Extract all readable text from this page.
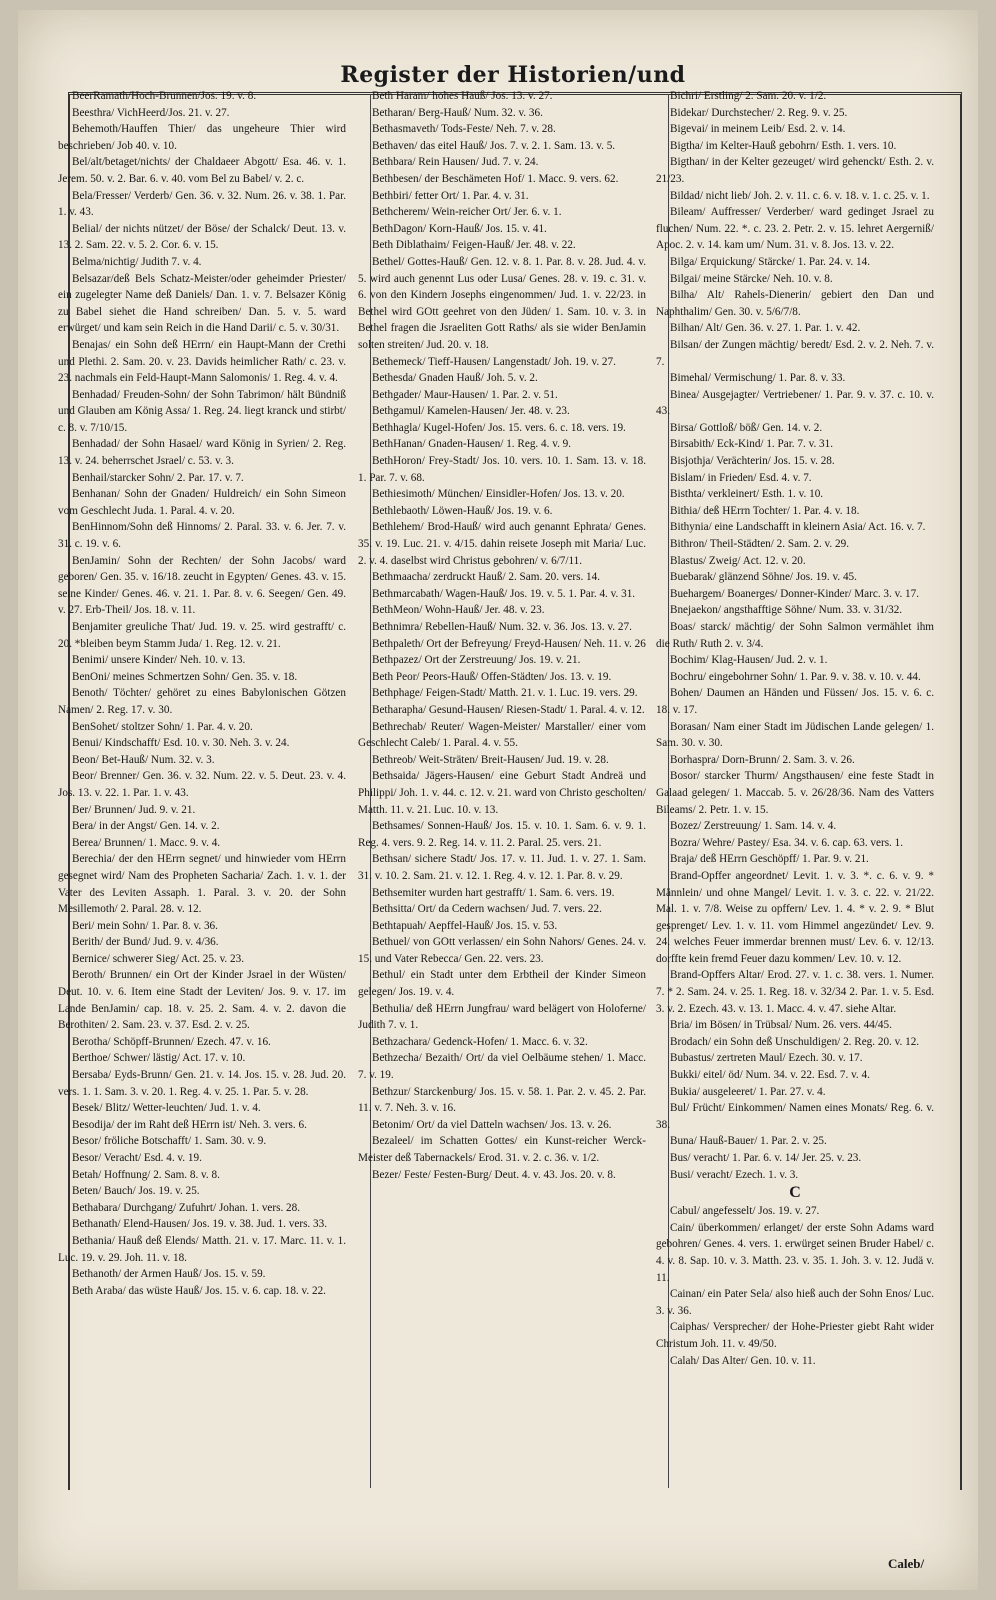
Register der Historien/und
Caleb/

BeerRamath/Hoch-Brunnen/Jos. 19. v. 8.

Beesthra/ VichHeerd/Jos. 21. v. 27.

Behemoth/Hauffen Thier/ das ungeheure Thier wird beschrieben/ Job 40. v. 10.

Bel/alt/betaget/nichts/ der Chaldaeer Abgott/ Esa. 46. v. 1. Jerem. 50. v. 2. Bar. 6. v. 40. vom Bel zu Babel/ v. 2. c.

Bela/Fresser/ Verderb/ Gen. 36. v. 32. Num. 26. v. 38. 1. Par. 1. v. 43.

Belial/ der nichts nützet/ der Böse/ der Schalck/ Deut. 13. v. 13. 2. Sam. 22. v. 5. 2. Cor. 6. v. 15.

Belma/nichtig/ Judith 7. v. 4.

Belsazar/deß Bels Schatz-Meister/oder geheimder Priester/ ein zugelegter Name deß Daniels/ Dan. 1. v. 7. Belsazer König zu Babel siehet die Hand schreiben/ Dan. 5. v. 5. ward erwürget/ und kam sein Reich in die Hand Darii/ c. 5. v. 30/31.

Benajas/ ein Sohn deß HErrn/ ein Haupt-Mann der Crethi und Plethi. 2. Sam. 20. v. 23. Davids heimlicher Rath/ c. 23. v. 23. nachmals ein Feld-Haupt-Mann Salomonis/ 1. Reg. 4. v. 4.

Benhadad/ Freuden-Sohn/ der Sohn Tabrimon/ hält Bündniß und Glauben am König Assa/ 1. Reg. 24. liegt kranck und stirbt/ c. 8. v. 7/10/15.

Benhadad/ der Sohn Hasael/ ward König in Syrien/ 2. Reg. 13. v. 24. beherrschet Jsrael/ c. 53. v. 3.

Benhail/starcker Sohn/ 2. Par. 17. v. 7.

Benhanan/ Sohn der Gnaden/ Huldreich/ ein Sohn Simeon vom Geschlecht Juda. 1. Paral. 4. v. 20.

BenHinnom/Sohn deß Hinnoms/ 2. Paral. 33. v. 6. Jer. 7. v. 31. c. 19. v. 6.

BenJamin/ Sohn der Rechten/ der Sohn Jacobs/ ward geboren/ Gen. 35. v. 16/18. zeucht in Egypten/ Genes. 43. v. 15. seine Kinder/ Genes. 46. v. 21. 1. Par. 8. v. 6. Seegen/ Gen. 49. v. 27. Erb-Theil/ Jos. 18. v. 11.

Benjamiter greuliche That/ Jud. 19. v. 25. wird gestrafft/ c. 20. *bleiben beym Stamm Juda/ 1. Reg. 12. v. 21.

Benimi/ unsere Kinder/ Neh. 10. v. 13.

BenOni/ meines Schmertzen Sohn/ Gen. 35. v. 18.

Benoth/ Töchter/ gehöret zu eines Babylonischen Götzen Namen/ 2. Reg. 17. v. 30.

BenSohet/ stoltzer Sohn/ 1. Par. 4. v. 20.

Benui/ Kindschafft/ Esd. 10. v. 30. Neh. 3. v. 24.

Beon/ Bet-Hauß/ Num. 32. v. 3.

Beor/ Brenner/ Gen. 36. v. 32. Num. 22. v. 5. Deut. 23. v. 4. Jos. 13. v. 22. 1. Par. 1. v. 43.

Ber/ Brunnen/ Jud. 9. v. 21.

Bera/ in der Angst/ Gen. 14. v. 2.

Berea/ Brunnen/ 1. Macc. 9. v. 4.

Berechia/ der den HErrn segnet/ und hinwieder vom HErrn gesegnet wird/ Nam des Propheten Sacharia/ Zach. 1. v. 1. der Vater des Leviten Assaph. 1. Paral. 3. v. 20. der Sohn Mesillemoth/ 2. Paral. 28. v. 12.

Beri/ mein Sohn/ 1. Par. 8. v. 36.

Berith/ der Bund/ Jud. 9. v. 4/36.

Bernice/ schwerer Sieg/ Act. 25. v. 23.

Beroth/ Brunnen/ ein Ort der Kinder Jsrael in der Wüsten/ Deut. 10. v. 6. Item eine Stadt der Leviten/ Jos. 9. v. 17. im Lande BenJamin/ cap. 18. v. 25. 2. Sam. 4. v. 2. davon die Berothiten/ 2. Sam. 23. v. 37. Esd. 2. v. 25.

Berotha/ Schöpff-Brunnen/ Ezech. 47. v. 16.

Berthoe/ Schwer/ lästig/ Act. 17. v. 10.

Bersaba/ Eyds-Brunn/ Gen. 21. v. 14. Jos. 15. v. 28. Jud. 20. vers. 1. 1. Sam. 3. v. 20. 1. Reg. 4. v. 25. 1. Par. 5. v. 28.

Besek/ Blitz/ Wetter-leuchten/ Jud. 1. v. 4.

Besodija/ der im Raht deß HErrn ist/ Neh. 3. vers. 6.

Besor/ fröliche Botschafft/ 1. Sam. 30. v. 9.

Besor/ Veracht/ Esd. 4. v. 19.

Betah/ Hoffnung/ 2. Sam. 8. v. 8.

Beten/ Bauch/ Jos. 19. v. 25.

Bethabara/ Durchgang/ Zufuhrt/ Johan. 1. vers. 28.

Bethanath/ Elend-Hausen/ Jos. 19. v. 38. Jud. 1. vers. 33.

Bethania/ Hauß deß Elends/ Matth. 21. v. 17. Marc. 11. v. 1. Luc. 19. v. 29. Joh. 11. v. 18.

Bethanoth/ der Armen Hauß/ Jos. 15. v. 59.

Beth Araba/ das wüste Hauß/ Jos. 15. v. 6. cap. 18. v. 22.

Beth Haram/ hohes Hauß/ Jos. 13. v. 27.

Betharan/ Berg-Hauß/ Num. 32. v. 36.

Bethasmaveth/ Tods-Feste/ Neh. 7. v. 28.

Bethaven/ das eitel Hauß/ Jos. 7. v. 2. 1. Sam. 13. v. 5.

Bethbara/ Rein Hausen/ Jud. 7. v. 24.

Bethbesen/ der Beschämeten Hof/ 1. Macc. 9. vers. 62.

Bethbiri/ fetter Ort/ 1. Par. 4. v. 31.

Bethcherem/ Wein-reicher Ort/ Jer. 6. v. 1.

BethDagon/ Korn-Hauß/ Jos. 15. v. 41.

Beth Diblathaim/ Feigen-Hauß/ Jer. 48. v. 22.

Bethel/ Gottes-Hauß/ Gen. 12. v. 8. 1. Par. 8. v. 28. Jud. 4. v. 5. wird auch genennt Lus oder Lusa/ Genes. 28. v. 19. c. 31. v. 6. von den Kindern Josephs eingenommen/ Jud. 1. v. 22/23. in Bethel wird GOtt geehret von den Jüden/ 1. Sam. 10. v. 3. in Bethel fragen die Jsraeliten Gott Raths/ als sie wider BenJamin solten streiten/ Jud. 20. v. 18.

Bethemeck/ Tieff-Hausen/ Langenstadt/ Joh. 19. v. 27.

Bethesda/ Gnaden Hauß/ Joh. 5. v. 2.

Bethgader/ Maur-Hausen/ 1. Par. 2. v. 51.

Bethgamul/ Kamelen-Hausen/ Jer. 48. v. 23.

Bethhagla/ Kugel-Hofen/ Jos. 15. vers. 6. c. 18. vers. 19.

BethHanan/ Gnaden-Hausen/ 1. Reg. 4. v. 9.

BethHoron/ Frey-Stadt/ Jos. 10. vers. 10. 1. Sam. 13. v. 18. 1. Par. 7. v. 68.

Bethiesimoth/ München/ Einsidler-Hofen/ Jos. 13. v. 20.

Bethlebaoth/ Löwen-Hauß/ Jos. 19. v. 6.

Bethlehem/ Brod-Hauß/ wird auch genannt Ephrata/ Genes. 35. v. 19. Luc. 21. v. 4/15. dahin reisete Joseph mit Maria/ Luc. 2. v. 4. daselbst wird Christus gebohren/ v. 6/7/11.

Bethmaacha/ zerdruckt Hauß/ 2. Sam. 20. vers. 14.

Bethmarcabath/ Wagen-Hauß/ Jos. 19. v. 5. 1. Par. 4. v. 31.

BethMeon/ Wohn-Hauß/ Jer. 48. v. 23.

Bethnimra/ Rebellen-Hauß/ Num. 32. v. 36. Jos. 13. v. 27.

Bethpaleth/ Ort der Befreyung/ Freyd-Hausen/ Neh. 11. v. 26

Bethpazez/ Ort der Zerstreuung/ Jos. 19. v. 21.

Beth Peor/ Peors-Hauß/ Offen-Städten/ Jos. 13. v. 19.

Bethphage/ Feigen-Stadt/ Matth. 21. v. 1. Luc. 19. vers. 29.

Betharapha/ Gesund-Hausen/ Riesen-Stadt/ 1. Paral. 4. v. 12.

Bethrechab/ Reuter/ Wagen-Meister/ Marstaller/ einer vom Geschlecht Caleb/ 1. Paral. 4. v. 55.

Bethreob/ Weit-Sträten/ Breit-Hausen/ Jud. 19. v. 28.

Bethsaida/ Jägers-Hausen/ eine Geburt Stadt Andreä und Philippi/ Joh. 1. v. 44. c. 12. v. 21. ward von Christo gescholten/ Matth. 11. v. 21. Luc. 10. v. 13.

Bethsames/ Sonnen-Hauß/ Jos. 15. v. 10. 1. Sam. 6. v. 9. 1. Reg. 4. vers. 9. 2. Reg. 14. v. 11. 2. Paral. 25. vers. 21.

Bethsan/ sichere Stadt/ Jos. 17. v. 11. Jud. 1. v. 27. 1. Sam. 31. v. 10. 2. Sam. 21. v. 12. 1. Reg. 4. v. 12. 1. Par. 8. v. 29.

Bethsemiter wurden hart gestrafft/ 1. Sam. 6. vers. 19.

Bethsitta/ Ort/ da Cedern wachsen/ Jud. 7. vers. 22.

Bethtapuah/ Aepffel-Hauß/ Jos. 15. v. 53.

Bethuel/ von GOtt verlassen/ ein Sohn Nahors/ Genes. 24. v. 15. und Vater Rebecca/ Gen. 22. vers. 23.

Bethul/ ein Stadt unter dem Erbtheil der Kinder Simeon gelegen/ Jos. 19. v. 4.

Bethulia/ deß HErrn Jungfrau/ ward belägert von Holoferne/ Judith 7. v. 1.

Bethzachara/ Gedenck-Hofen/ 1. Macc. 6. v. 32.

Bethzecha/ Bezaith/ Ort/ da viel Oelbäume stehen/ 1. Macc. 7. v. 19.

Bethzur/ Starckenburg/ Jos. 15. v. 58. 1. Par. 2. v. 45. 2. Par. 11. v. 7. Neh. 3. v. 16.

Betonim/ Ort/ da viel Datteln wachsen/ Jos. 13. v. 26.

Bezaleel/ im Schatten Gottes/ ein Kunst-reicher Werck-Meister deß Tabernackels/ Erod. 31. v. 2. c. 36. v. 1/2.

Bezer/ Feste/ Festen-Burg/ Deut. 4. v. 43. Jos. 20. v. 8.

Bichri/ Erstling/ 2. Sam. 20. v. 1/2.

Bidekar/ Durchstecher/ 2. Reg. 9. v. 25.

Bigevai/ in meinem Leib/ Esd. 2. v. 14.

Bigtha/ im Kelter-Hauß gebohrn/ Esth. 1. vers. 10.

Bigthan/ in der Kelter gezeuget/ wird gehenckt/ Esth. 2. v. 21/23.

Bildad/ nicht lieb/ Joh. 2. v. 11. c. 6. v. 18. v. 1. c. 25. v. 1.

Bileam/ Auffresser/ Verderber/ ward gedinget Jsrael zu fluchen/ Num. 22. *. c. 23. 2. Petr. 2. v. 15. lehret Aergerniß/ Apoc. 2. v. 14. kam um/ Num. 31. v. 8. Jos. 13. v. 22.

Bilga/ Erquickung/ Stärcke/ 1. Par. 24. v. 14.

Bilgai/ meine Stärcke/ Neh. 10. v. 8.

Bilha/ Alt/ Rahels-Dienerin/ gebiert den Dan und Naphthalim/ Gen. 30. v. 5/6/7/8.

Bilhan/ Alt/ Gen. 36. v. 27. 1. Par. 1. v. 42.

Bilsan/ der Zungen mächtig/ beredt/ Esd. 2. v. 2. Neh. 7. v. 7.

Bimehal/ Vermischung/ 1. Par. 8. v. 33.

Binea/ Ausgejagter/ Vertriebener/ 1. Par. 9. v. 37. c. 10. v. 43.

Birsa/ Gottloß/ böß/ Gen. 14. v. 2.

Birsabith/ Eck-Kind/ 1. Par. 7. v. 31.

Bisjothja/ Verächterin/ Jos. 15. v. 28.

Bislam/ in Frieden/ Esd. 4. v. 7.

Bisthta/ verkleinert/ Esth. 1. v. 10.

Bithia/ deß HErrn Tochter/ 1. Par. 4. v. 18.

Bithynia/ eine Landschafft in kleinern Asia/ Act. 16. v. 7.

Bithron/ Theil-Städten/ 2. Sam. 2. v. 29.

Blastus/ Zweig/ Act. 12. v. 20.

Buebarak/ glänzend Söhne/ Jos. 19. v. 45.

Buehargem/ Boanerges/ Donner-Kinder/ Marc. 3. v. 17.

Bnejaekon/ angsthafftige Söhne/ Num. 33. v. 31/32.

Boas/ starck/ mächtig/ der Sohn Salmon vermählet ihm die Ruth/ Ruth 2. v. 3/4.

Bochim/ Klag-Hausen/ Jud. 2. v. 1.

Bochru/ eingebohrner Sohn/ 1. Par. 9. v. 38. v. 10. v. 44.

Bohen/ Daumen an Händen und Füssen/ Jos. 15. v. 6. c. 18. v. 17.

Borasan/ Nam einer Stadt im Jüdischen Lande gelegen/ 1. Sam. 30. v. 30.

Borhaspra/ Dorn-Brunn/ 2. Sam. 3. v. 26.

Bosor/ starcker Thurm/ Angsthausen/ eine feste Stadt in Galaad gelegen/ 1. Maccab. 5. v. 26/28/36. Nam des Vatters Bileams/ 2. Petr. 1. v. 15.

Bozez/ Zerstreuung/ 1. Sam. 14. v. 4.

Bozra/ Wehre/ Pastey/ Esa. 34. v. 6. cap. 63. vers. 1.

Braja/ deß HErrn Geschöpff/ 1. Par. 9. v. 21.

Brand-Opffer angeordnet/ Levit. 1. v. 3. *. c. 6. v. 9. * Männlein/ und ohne Mangel/ Levit. 1. v. 3. c. 22. v. 21/22. Mal. 1. v. 7/8. Weise zu opffern/ Lev. 1. 4. * v. 2. 9. * Blut gesprenget/ Lev. 1. v. 11. vom Himmel angezündet/ Lev. 9. 24. welches Feuer immerdar brennen must/ Lev. 6. v. 12/13. dorffte kein fremd Feuer dazu kommen/ Lev. 10. v. 12.

Brand-Opffers Altar/ Erod. 27. v. 1. c. 38. vers. 1. Numer. 7. * 2. Sam. 24. v. 25. 1. Reg. 18. v. 32/34 2. Par. 1. v. 5. Esd. 3. v. 2. Ezech. 43. v. 13. 1. Macc. 4. v. 47. siehe Altar.

Bria/ im Bösen/ in Trübsal/ Num. 26. vers. 44/45.

Brodach/ ein Sohn deß Unschuldigen/ 2. Reg. 20. v. 12.

Bubastus/ zertreten Maul/ Ezech. 30. v. 17.

Bukki/ eitel/ öd/ Num. 34. v. 22. Esd. 7. v. 4.

Bukia/ ausgeleeret/ 1. Par. 27. v. 4.

Bul/ Frücht/ Einkommen/ Namen eines Monats/ Reg. 6. v. 38.

Buna/ Hauß-Bauer/ 1. Par. 2. v. 25.

Bus/ veracht/ 1. Par. 6. v. 14/ Jer. 25. v. 23.

Busi/ veracht/ Ezech. 1. v. 3.

C

Cabul/ angefesselt/ Jos. 19. v. 27.

Cain/ überkommen/ erlanget/ der erste Sohn Adams ward gebohren/ Genes. 4. vers. 1. erwürget seinen Bruder Habel/ c. 4. v. 8. Sap. 10. v. 3. Matth. 23. v. 35. 1. Joh. 3. v. 12. Judä v. 11.

Cainan/ ein Pater Sela/ also hieß auch der Sohn Enos/ Luc. 3. v. 36.

Caiphas/ Versprecher/ der Hohe-Priester giebt Raht wider Christum Joh. 11. v. 49/50.

Calah/ Das Alter/ Gen. 10. v. 11.
